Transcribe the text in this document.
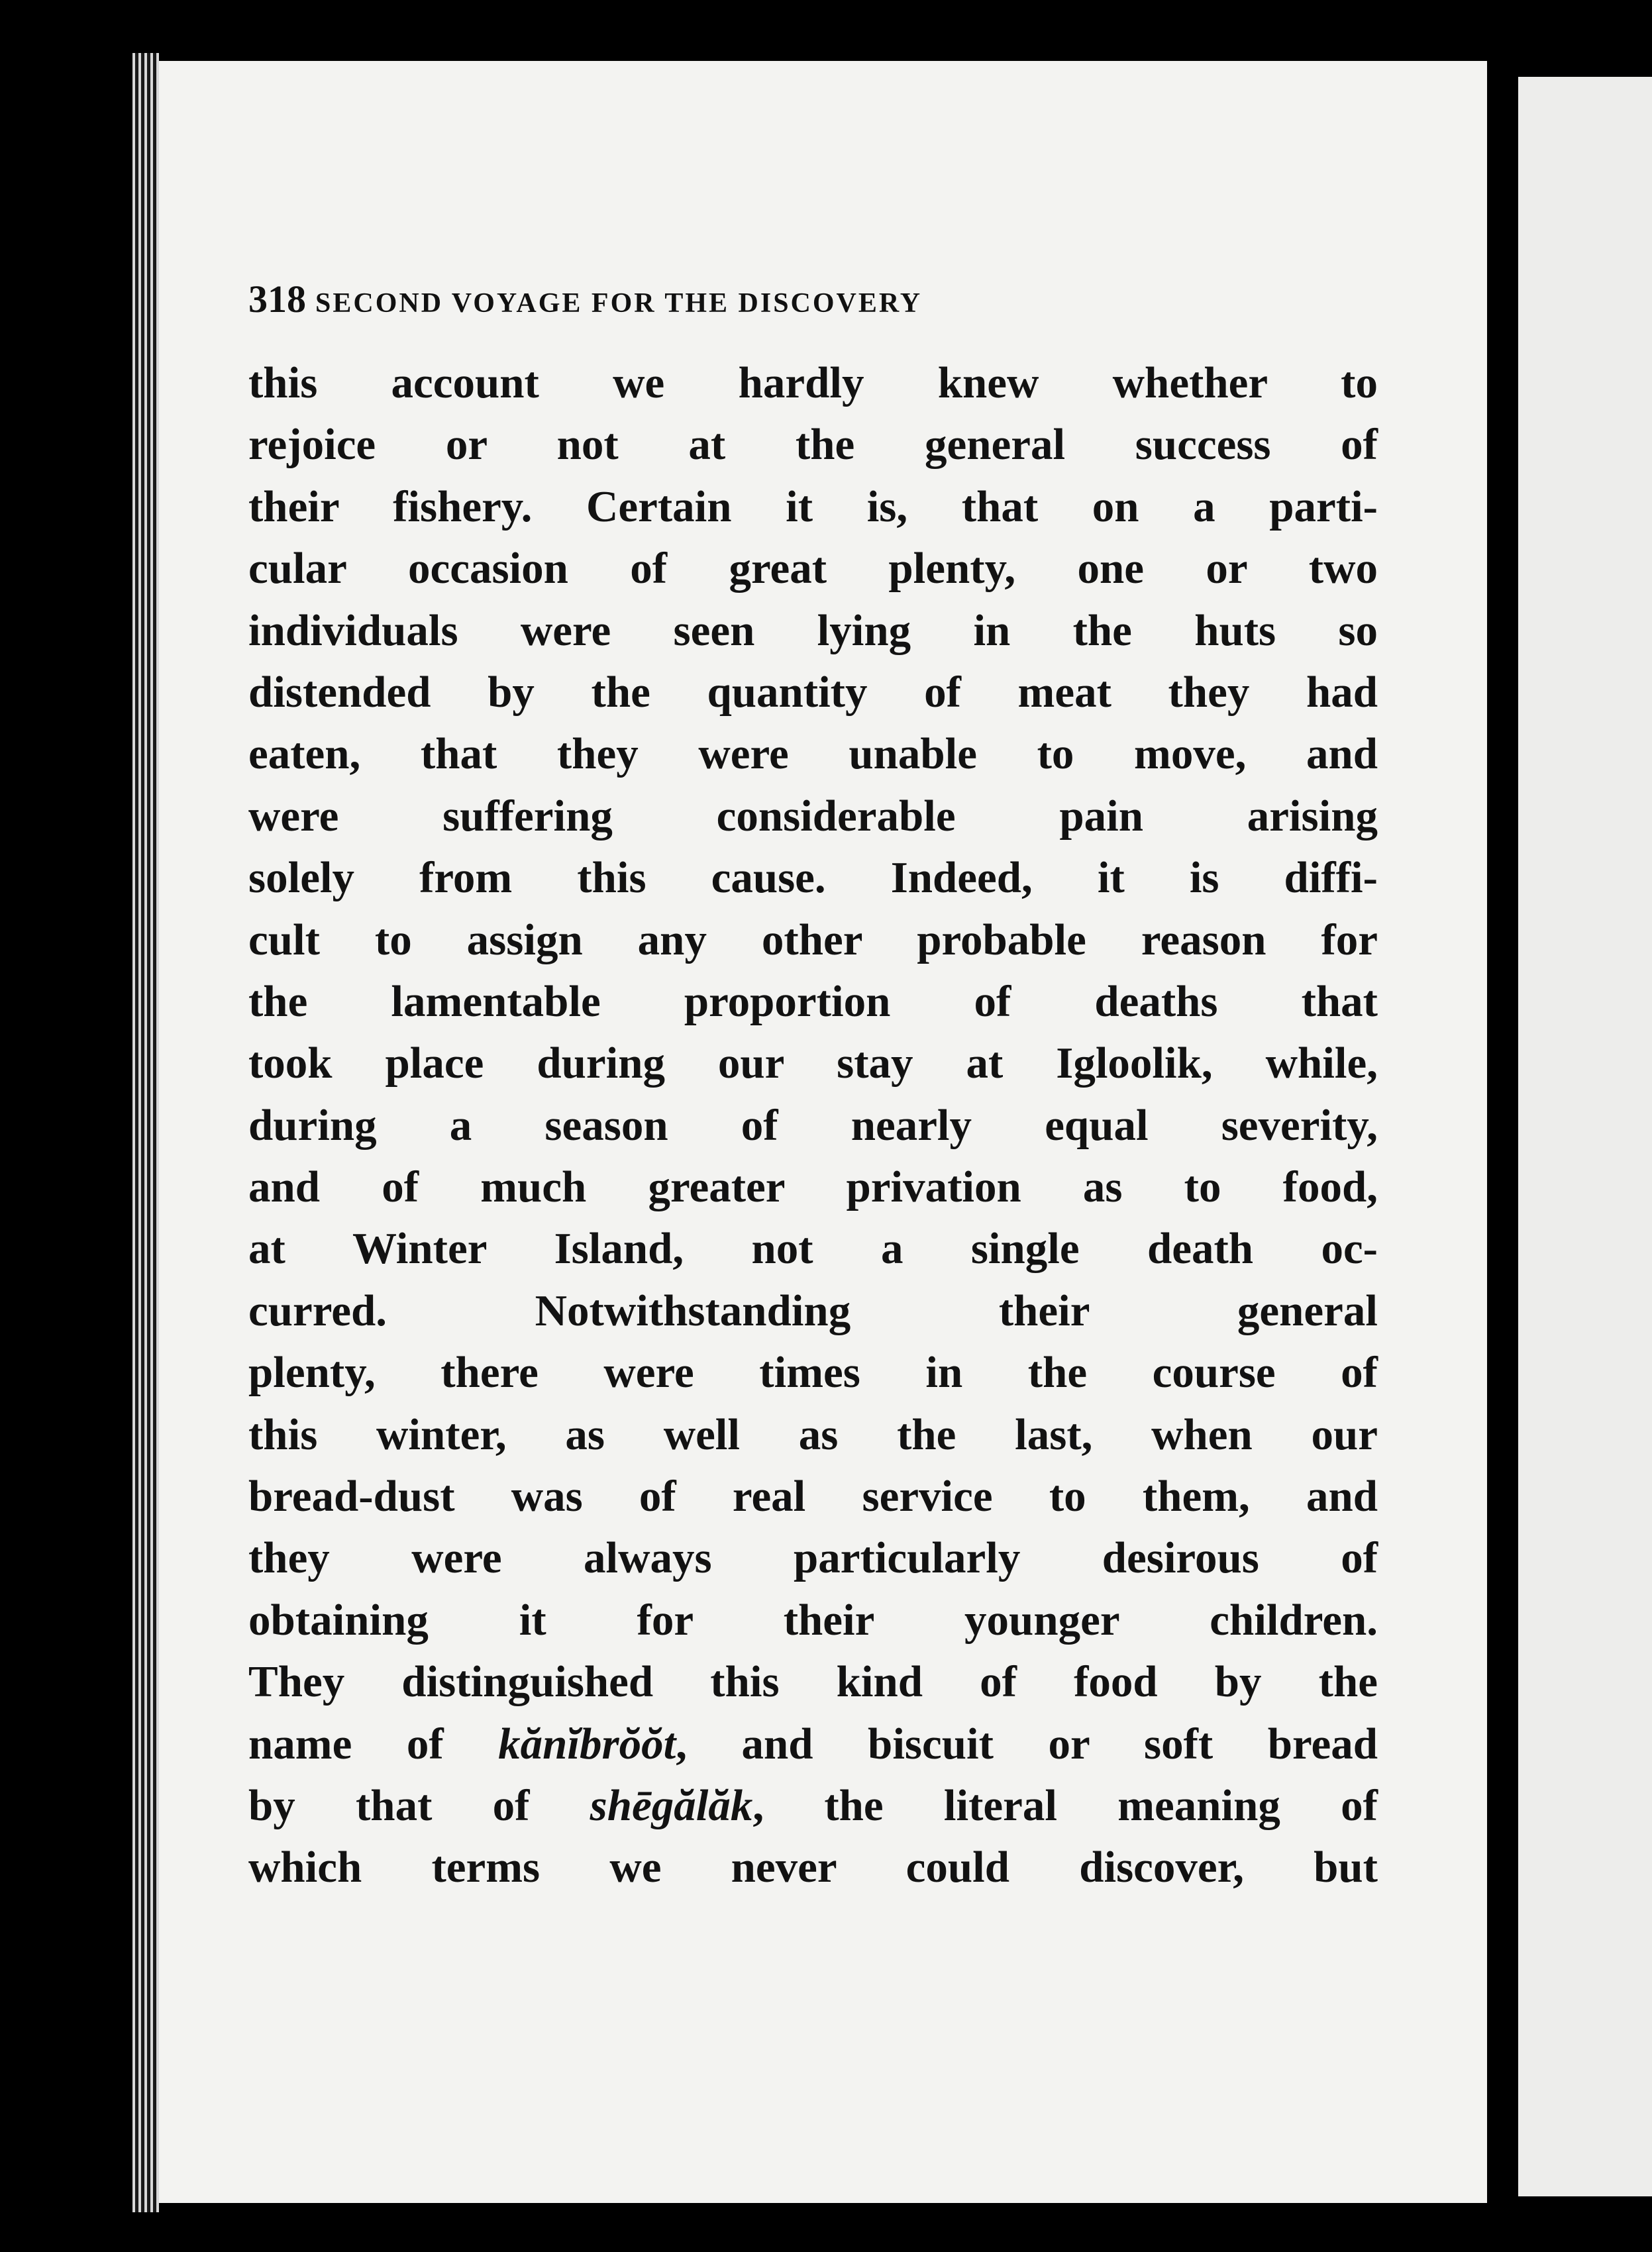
318 SECOND VOYAGE FOR THE DISCOVERY
this account we hardly knew whether to
rejoice or not at the general success of
their fishery. Certain it is, that on a parti-
cular occasion of great plenty, one or two
individuals were seen lying in the huts so
distended by the quantity of meat they had
eaten, that they were unable to move, and
were suffering considerable pain arising
solely from this cause. Indeed, it is diffi-
cult to assign any other probable reason for
the lamentable proportion of deaths that
took place during our stay at Igloolik, while,
during a season of nearly equal severity,
and of much greater privation as to food,
at Winter Island, not a single death oc-
curred. Notwithstanding their general
plenty, there were times in the course of
this winter, as well as the last, when our
bread-dust was of real service to them, and
they were always particularly desirous of
obtaining it for their younger children.
They distinguished this kind of food by the
name of kănĭbrŏŏt, and biscuit or soft bread
by that of shēgălăk, the literal meaning of
which terms we never could discover, but
